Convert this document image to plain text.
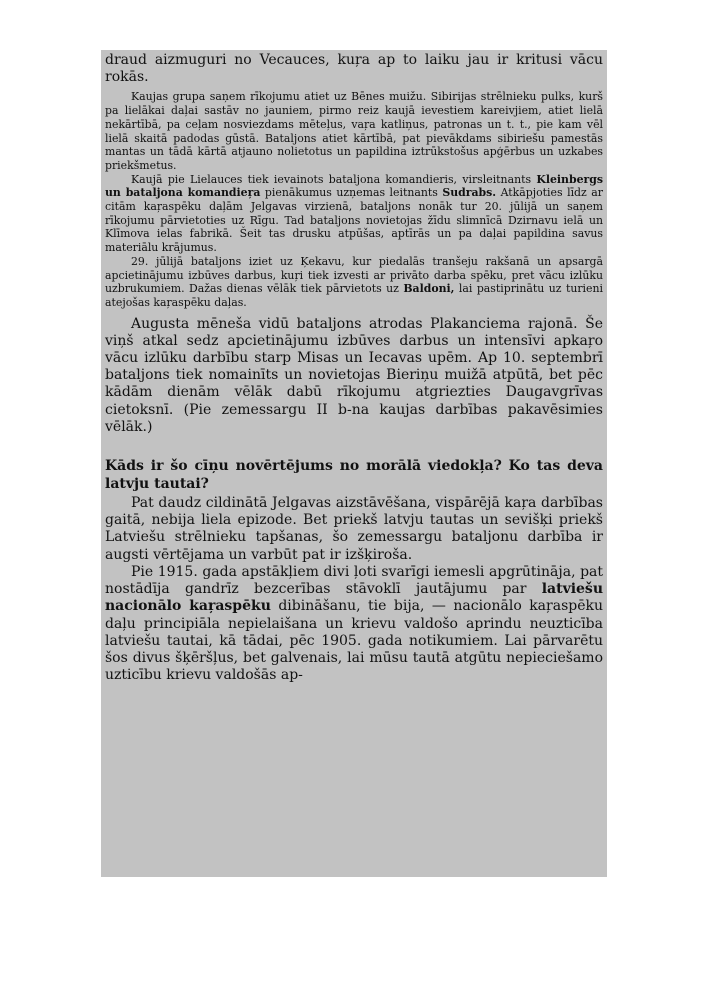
draud aizmuguri no Vecauces, kuŗa ap to laiku jau ir kritusi vācu rokās.

Kaujas grupa saņem rīkojumu atiet uz Bēnes muižu. Sibirijas strēlnieku pulks, kurš pa lielākai daļai sastāv no jauniem, pirmo reiz kaujā ievestiem kareivjiem, atiet lielā nekārtībā, pa ceļam nosviezdams mēteļus, vaŗa katliņus, patronas un t. t., pie kam vēl lielā skaitā padodas gūstā. Bataljons atiet kārtībā, pat pievākdams sibiriešu pamestās mantas un tādā kārtā atjauno nolietotus un papildina iztrūkstošus apģērbus un uzkabes priekšmetus.

Kaujā pie Lielauces tiek ievainots bataljona komandieris, virsleitnants Kleinbergs un bataljona komandieŗa pienākumus uzņemas leitnants Sudrabs. Atkāpjoties līdz ar citām kaŗaspēku daļām Jelgavas virzienā, bataljons nonāk tur 20. jūlijā un saņem rīkojumu pārvietoties uz Rīgu. Tad bataljons novietojas žīdu slimnīcā Dzirnavu ielā un Klīmova ielas fabrikā. Šeit tas drusku atpūšas, aptīrās un pa daļai papildina savus materiālu krājumus.

29. jūlijā bataljons iziet uz Ķekavu, kur piedalās tranšeju rakšanā un apsargā apcietinājumu izbūves darbus, kuŗi tiek izvesti ar privāto darba spēku, pret vācu izlūku uzbrukumiem. Dažas dienas vēlāk tiek pārvietots uz Baldoni, lai pastiprinātu uz turieni atejošas kaŗaspēku daļas.

Augusta mēneša vidū bataljons atrodas Plakanciema rajonā. Še viņš atkal sedz apcietinājumu izbūves darbus un intensīvi apkaŗo vācu izlūku darbību starp Misas un Iecavas upēm. Ap 10. septembrī bataljons tiek nomainīts un novietojas Bieriņu muižā atpūtā, bet pēc kādām dienām vēlāk dabū rīkojumu atgriezties Daugavgrīvas cietoksnī. (Pie zemessargu II b-na kaujas darbības pakavēsimies vēlāk.)

Kāds ir šo cīņu novērtējums no morālā viedokļa? Ko tas deva latvju tautai?

Pat daudz cildinātā Jelgavas aizstāvēšana, vispārējā kaŗa darbības gaitā, nebija liela epizode. Bet priekš latvju tautas un sevišķi priekš Latviešu strēlnieku tapšanas, šo zemessargu bataljonu darbība ir augsti vērtējama un varbūt pat ir izšķiroša.

Pie 1915. gada apstākļiem divi ļoti svarīgi iemesli apgrūtināja, pat nostādīja gandrīz bezcerības stāvoklī jautājumu par latviešu nacionālo kaŗaspēku dibināšanu, tie bija, — nacionālo kaŗaspēku daļu principiāla nepielaišana un krievu valdošo aprindu neuzticība latviešu tautai, kā tādai, pēc 1905. gada notikumiem. Lai pārvarētu šos divus šķēršļus, bet galvenais, lai mūsu tautā atgūtu nepieciešamo uzticību krievu valdošās ap-
